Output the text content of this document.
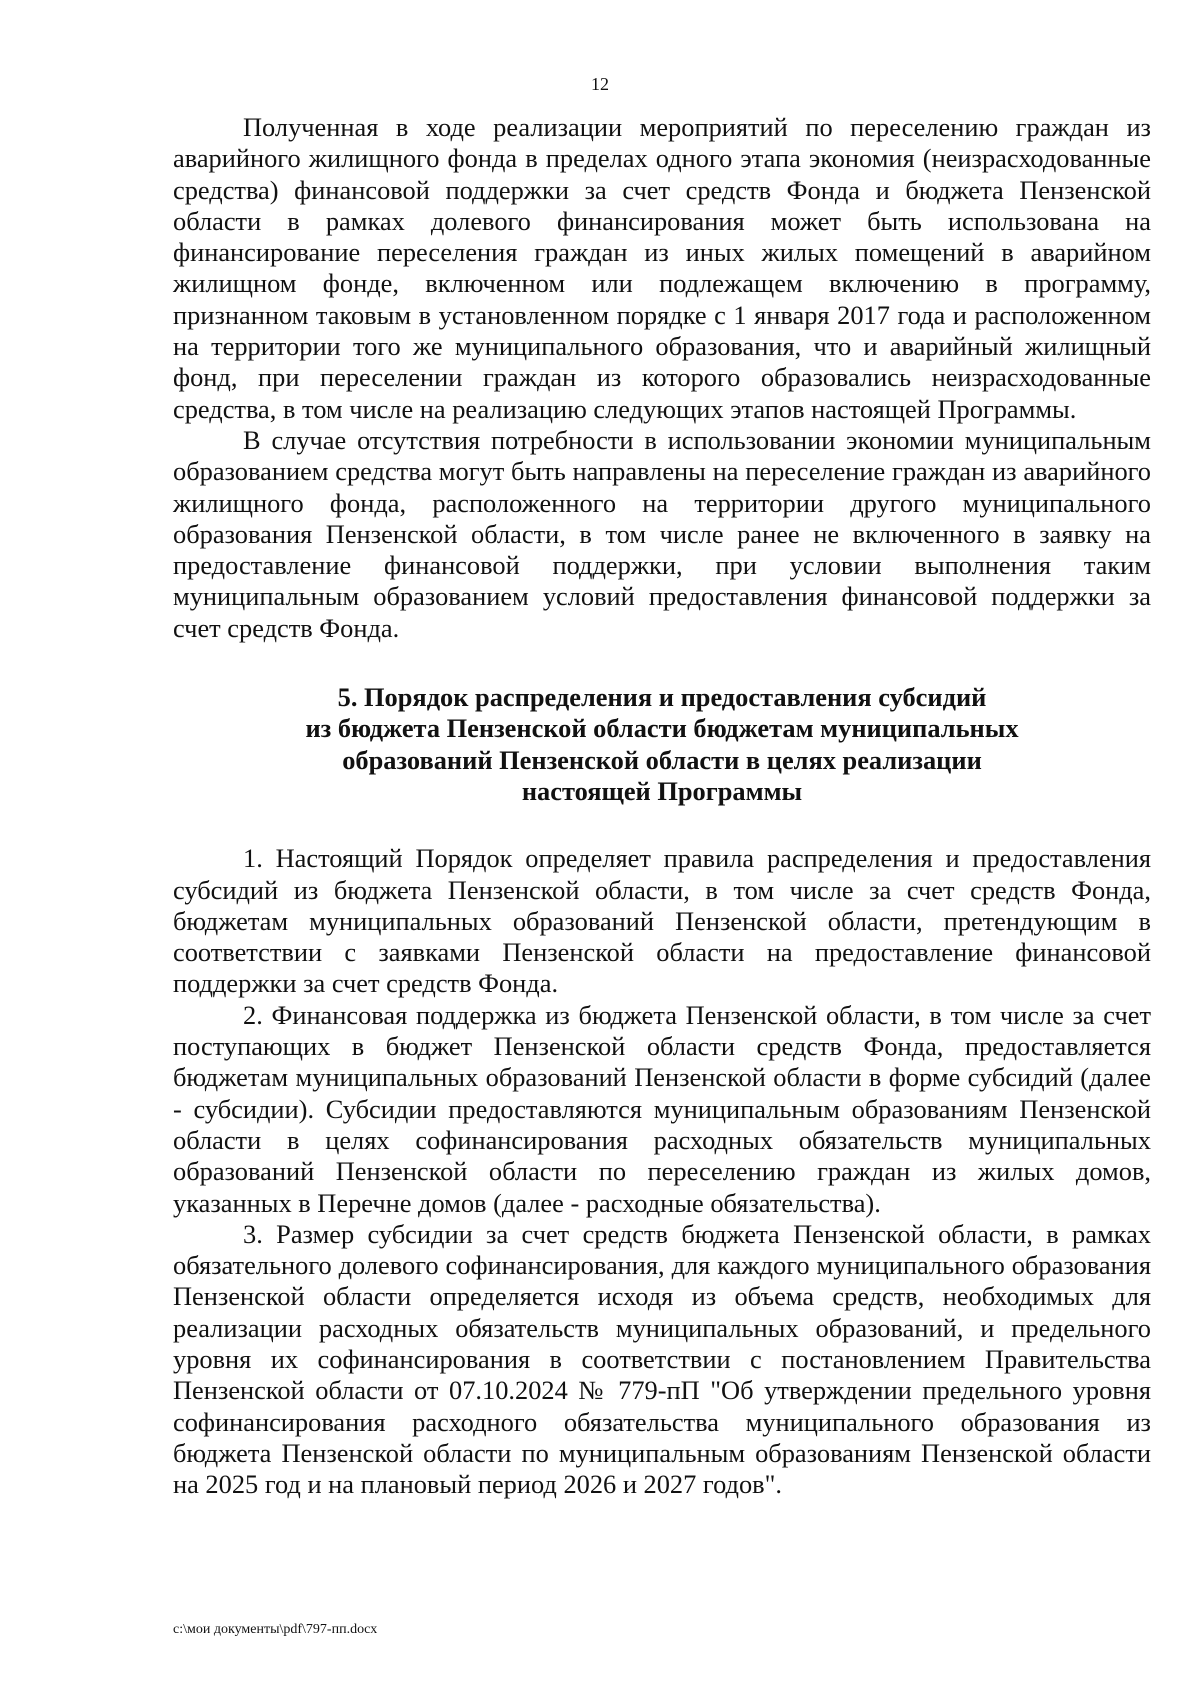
12

Полученная в ходе реализации мероприятий по переселению граждан из аварийного жилищного фонда в пределах одного этапа экономия (неизрасходованные средства) финансовой поддержки за счет средств Фонда и бюджета Пензенской области в рамках долевого финансирования может быть использована на финансирование переселения граждан из иных жилых помещений в аварийном жилищном фонде, включенном или подлежащем включению в программу, признанном таковым в установленном порядке с 1 января 2017 года и расположенном на территории того же муниципального образования, что и аварийный жилищный фонд, при переселении граждан из которого образовались неизрасходованные средства, в том числе на реализацию следующих этапов настоящей Программы.

В случае отсутствия потребности в использовании экономии муниципальным образованием средства могут быть направлены на переселение граждан из аварийного жилищного фонда, расположенного на территории другого муниципального образования Пензенской области, в том числе ранее не включенного в заявку на предоставление финансовой поддержки, при условии выполнения таким муниципальным образованием условий предоставления финансовой поддержки за счет средств Фонда.

5. Порядок распределения и предоставления субсидий
из бюджета Пензенской области бюджетам муниципальных
образований Пензенской области в целях реализации
настоящей Программы

1. Настоящий Порядок определяет правила распределения и предоставления субсидий из бюджета Пензенской области, в том числе за счет средств Фонда, бюджетам муниципальных образований Пензенской области, претендующим в соответствии с заявками Пензенской области на предоставление финансовой поддержки за счет средств Фонда.

2. Финансовая поддержка из бюджета Пензенской области, в том числе за счет поступающих в бюджет Пензенской области средств Фонда, предоставляется бюджетам муниципальных образований Пензенской области в форме субсидий (далее - субсидии). Субсидии предоставляются муниципальным образованиям Пензенской области в целях софинансирования расходных обязательств муниципальных образований Пензенской области по переселению граждан из жилых домов, указанных в Перечне домов (далее - расходные обязательства).

3. Размер субсидии за счет средств бюджета Пензенской области, в рамках обязательного долевого софинансирования, для каждого муниципального образования Пензенской области определяется исходя из объема средств, необходимых для реализации расходных обязательств муниципальных образований, и предельного уровня их софинансирования в соответствии с постановлением Правительства Пензенской области от 07.10.2024 № 779-пП "Об утверждении предельного уровня софинансирования расходного обязательства муниципального образования из бюджета Пензенской области по муниципальным образованиям Пензенской области на 2025 год и на плановый период 2026 и 2027 годов".

c:\мои документы\pdf\797-пп.docx
